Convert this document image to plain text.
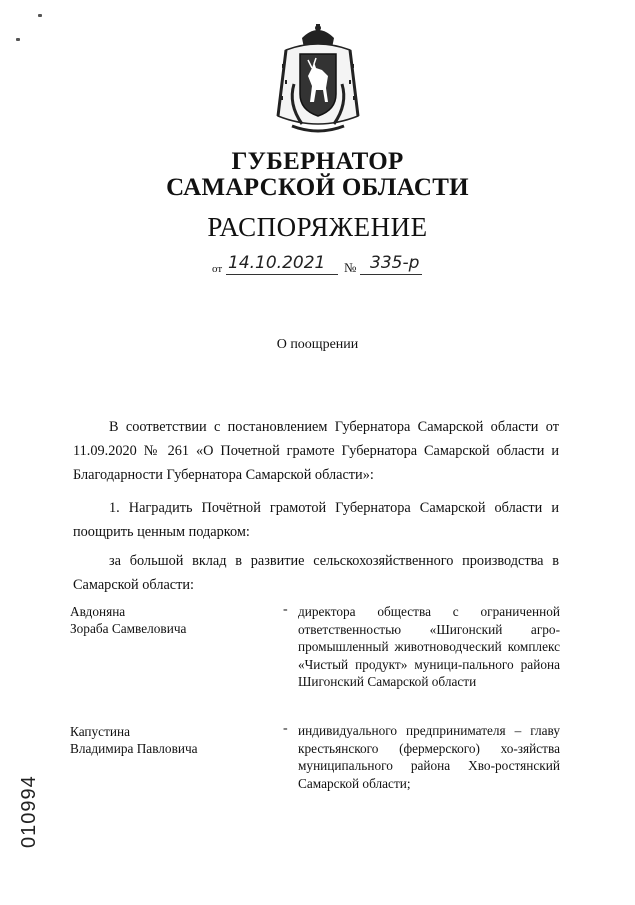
ГУБЕРНАТОР
САМАРСКОЙ ОБЛАСТИ
РАСПОРЯЖЕНИЕ
от 14.10.2021 № 335-р
О поощрении
В соответствии с постановлением Губернатора Самарской области от 11.09.2020 № 261 «О Почетной грамоте Губернатора Самарской области и Благодарности Губернатора Самарской области»:
1. Наградить Почётной грамотой Губернатора Самарской области и поощрить ценным подарком:
за большой вклад в развитие сельскохозяйственного производства в Самарской области:
Авдоняна
Зораба Самвеловича
- директора общества с ограниченной ответственностью «Шигонский агро-промышленный животноводческий комплекс «Чистый продукт» муници-пального района Шигонский Самарской области
Капустина
Владимира Павловича
- индивидуального предпринимателя – главу крестьянского (фермерского) хо-зяйства муниципального района Хво-ростянский Самарской области;
010994
